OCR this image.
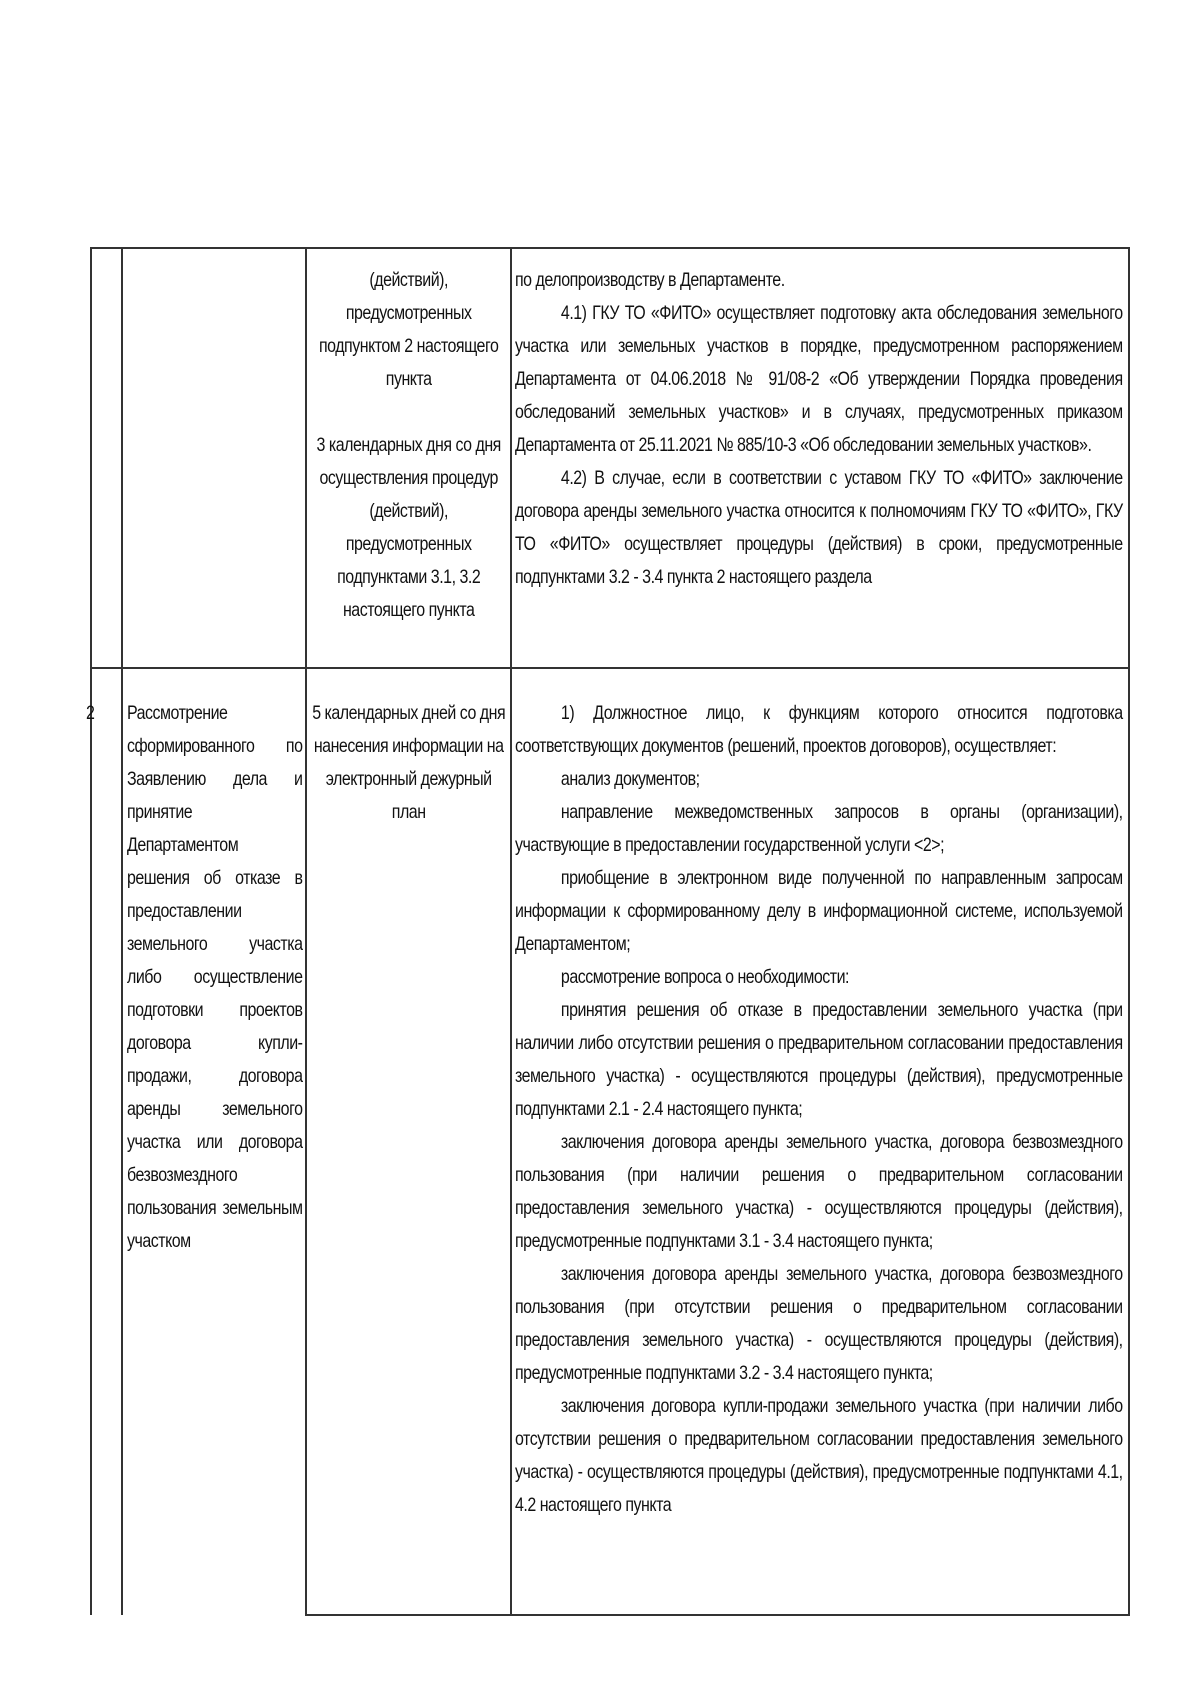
(действий),

предусмотренных

подпунктом 2 настоящего

пункта

3 календарных дня со дня

осуществления процедур

(действий),

предусмотренных

подпунктами 3.1, 3.2

настоящего пункта

по делопроизводству в Департаменте.

4.1) ГКУ ТО «ФИТО» осуществляет подготовку акта обследования земельного участка или земельных участков в порядке, предусмотренном распоряжением Департамента от 04.06.2018 № 91/08-2 «Об утверждении Порядка проведения обследований земельных участков» и в случаях, предусмотренных приказом Департамента от 25.11.2021 № 885/10-3 «Об обследовании земельных участков».

4.2) В случае, если в соответствии с уставом ГКУ ТО «ФИТО» заключение договора аренды земельного участка относится к полномочиям ГКУ ТО «ФИТО», ГКУ ТО «ФИТО» осуществляет процедуры (действия) в сроки, предусмотренные подпунктами 3.2 - 3.4 пункта 2 настоящего раздела

2	Рассмотрение сформированного по Заявлению дела и принятие Департаментом решения об отказе в предоставлении земельного участка либо осуществление подготовки проектов договора купли-продажи, договора аренды земельного участка или договора безвозмездного пользования земельным участком
5 календарных дней со дня нанесения информации на электронный дежурный план

1) Должностное лицо, к функциям которого относится подготовка соответствующих документов (решений, проектов договоров), осуществляет:

анализ документов;

направление межведомственных запросов в органы (организации), участвующие в предоставлении государственной услуги <2>;

приобщение в электронном виде полученной по направленным запросам информации к сформированному делу в информационной системе, используемой Департаментом;

рассмотрение вопроса о необходимости:

принятия решения об отказе в предоставлении земельного участка (при наличии либо отсутствии решения о предварительном согласовании предоставления земельного участка) - осуществляются процедуры (действия), предусмотренные подпунктами 2.1 - 2.4 настоящего пункта;

заключения договора аренды земельного участка, договора безвозмездного пользования (при наличии решения о предварительном согласовании предоставления земельного участка) - осуществляются процедуры (действия), предусмотренные подпунктами 3.1 - 3.4 настоящего пункта;

заключения договора аренды земельного участка, договора безвозмездного пользования (при отсутствии решения о предварительном согласовании предоставления земельного участка) - осуществляются процедуры (действия), предусмотренные подпунктами 3.2 - 3.4 настоящего пункта;

заключения договора купли-продажи земельного участка (при наличии либо отсутствии решения о предварительном согласовании предоставления земельного участка) - осуществляются процедуры (действия), предусмотренные подпунктами 4.1, 4.2 настоящего пункта
